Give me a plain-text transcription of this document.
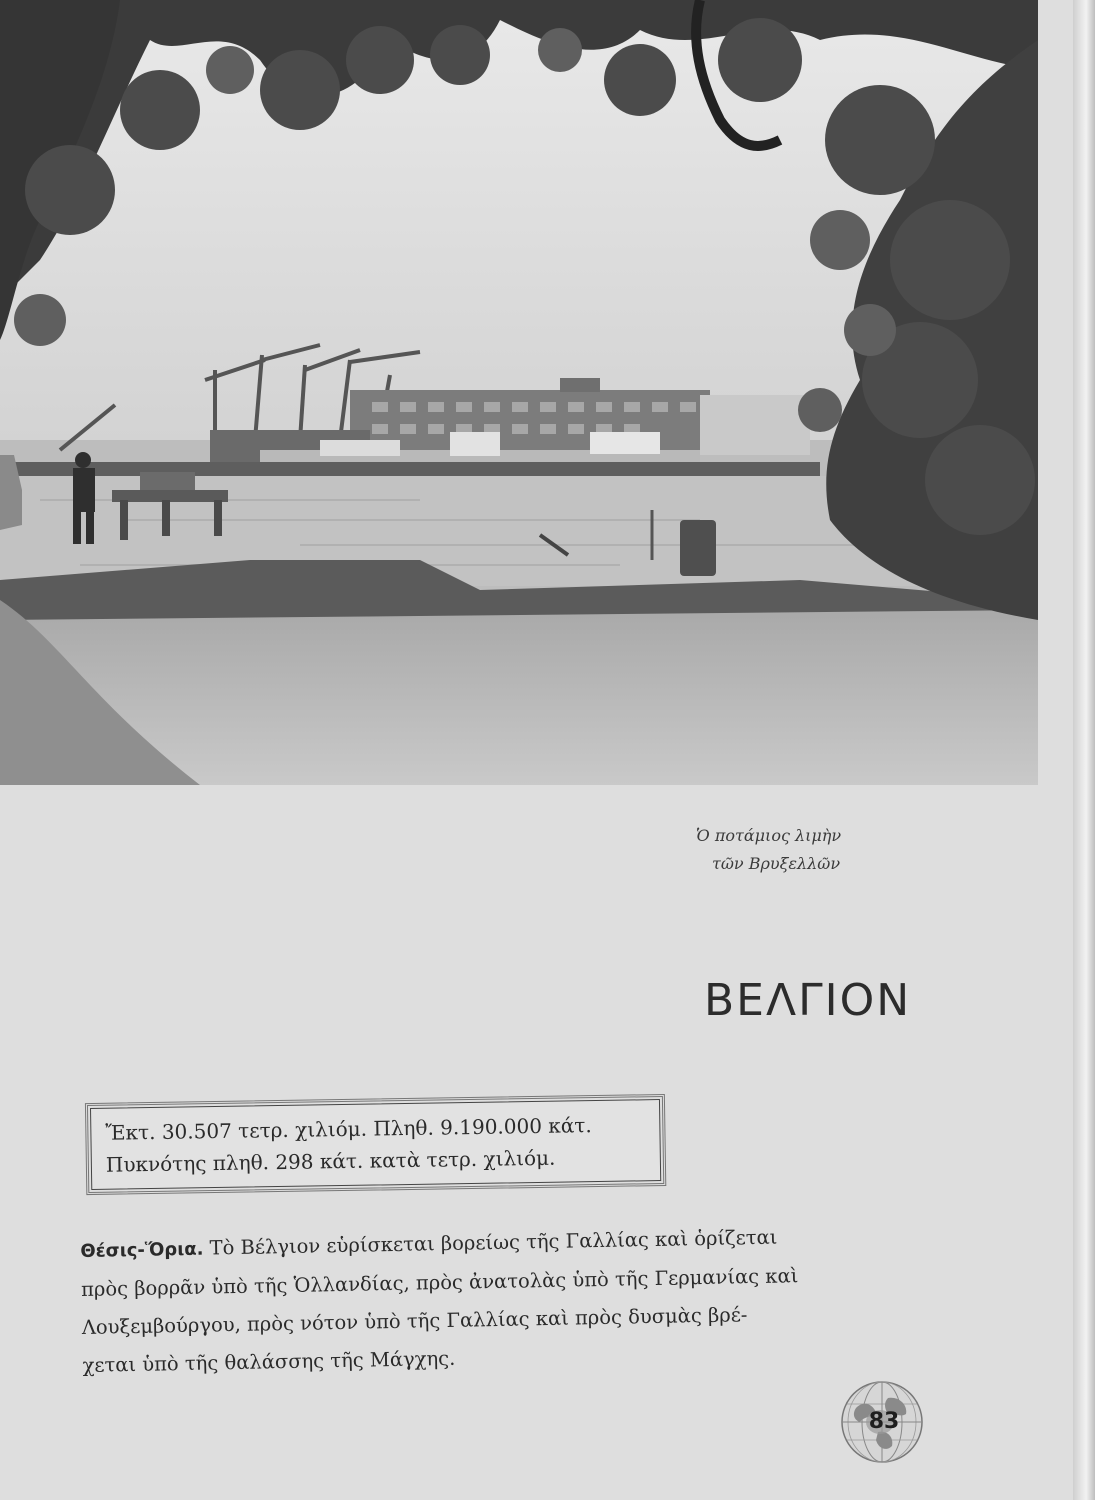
Ὁ ποτάμιος λιμὴν
τῶν Βρυξελλῶν
ΒΕΛΓΙΟΝ
Ἔκτ. 30.507 τετρ. χιλιόμ. Πληθ. 9.190.000 κάτ.
Πυκνότης πληθ. 298 κάτ. κατὰ τετρ. χιλιόμ.
Θέσις-Ὅρια. Τὸ Βέλγιον εὑρίσκεται βορείως τῆς Γαλλίας καὶ ὁρίζεται
πρὸς βορρᾶν ὑπὸ τῆς Ὁλλανδίας, πρὸς ἀνατολὰς ὑπὸ τῆς Γερμανίας καὶ
Λουξεμβούργου, πρὸς νότον ὑπὸ τῆς Γαλλίας καὶ πρὸς δυσμὰς βρέ-
χεται ὑπὸ τῆς θαλάσσης τῆς Μάγχης.
83
